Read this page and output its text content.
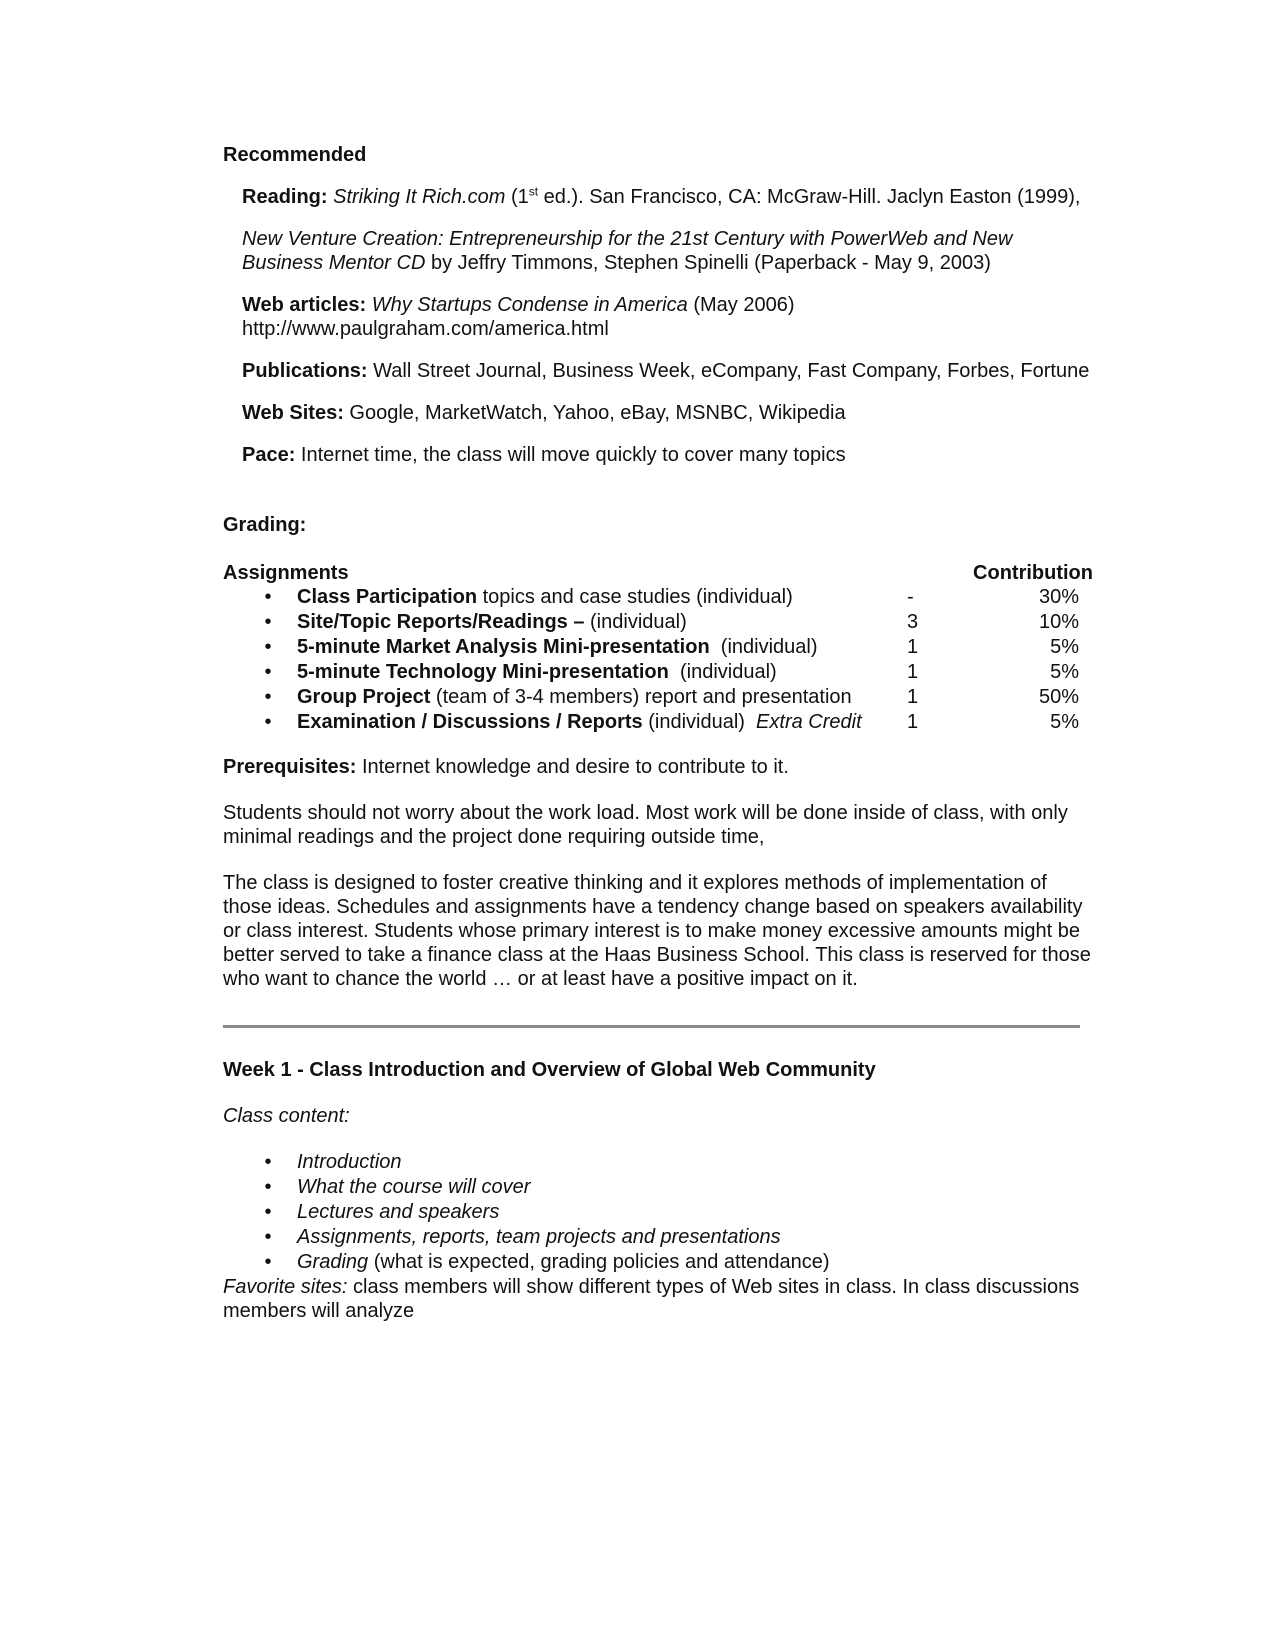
Recommended

Reading: Striking It Rich.com (1st ed.). San Francisco, CA: McGraw-Hill. Jaclyn Easton (1999),

New Venture Creation: Entrepreneurship for the 21st Century with PowerWeb and New Business Mentor CD by Jeffry Timmons, Stephen Spinelli (Paperback - May 9, 2003)

Web articles: Why Startups Condense in America (May 2006)
http://www.paulgraham.com/america.html

Publications: Wall Street Journal, Business Week, eCompany, Fast Company, Forbes, Fortune

Web Sites: Google, MarketWatch, Yahoo, eBay, MSNBC, Wikipedia

Pace: Internet time, the class will move quickly to cover many topics

Grading:

Assignments	Contribution
• Class Participation topics and case studies (individual)	-	30%
• Site/Topic Reports/Readings – (individual)	3	10%
• 5-minute Market Analysis Mini-presentation  (individual)	1	5%
• 5-minute Technology Mini-presentation  (individual)	1	5%
• Group Project (team of 3-4 members) report and presentation	1	50%
• Examination / Discussions / Reports (individual)  Extra Credit 1	5%

Prerequisites: Internet knowledge and desire to contribute to it.

Students should not worry about the work load. Most work will be done inside of class, with only minimal readings and the project done requiring outside time,

The class is designed to foster creative thinking and it explores methods of implementation of those ideas. Schedules and assignments have a tendency change based on speakers availability or class interest. Students whose primary interest is to make money excessive amounts might be better served to take a finance class at the Haas Business School. This class is reserved for those who want to chance the world … or at least have a positive impact on it.

Week 1 - Class Introduction and Overview of Global Web Community

Class content:

• Introduction
• What the course will cover
• Lectures and speakers
• Assignments, reports, team projects and presentations
• Grading (what is expected, grading policies and attendance)

Favorite sites: class members will show different types of Web sites in class. In class discussions members will analyze
